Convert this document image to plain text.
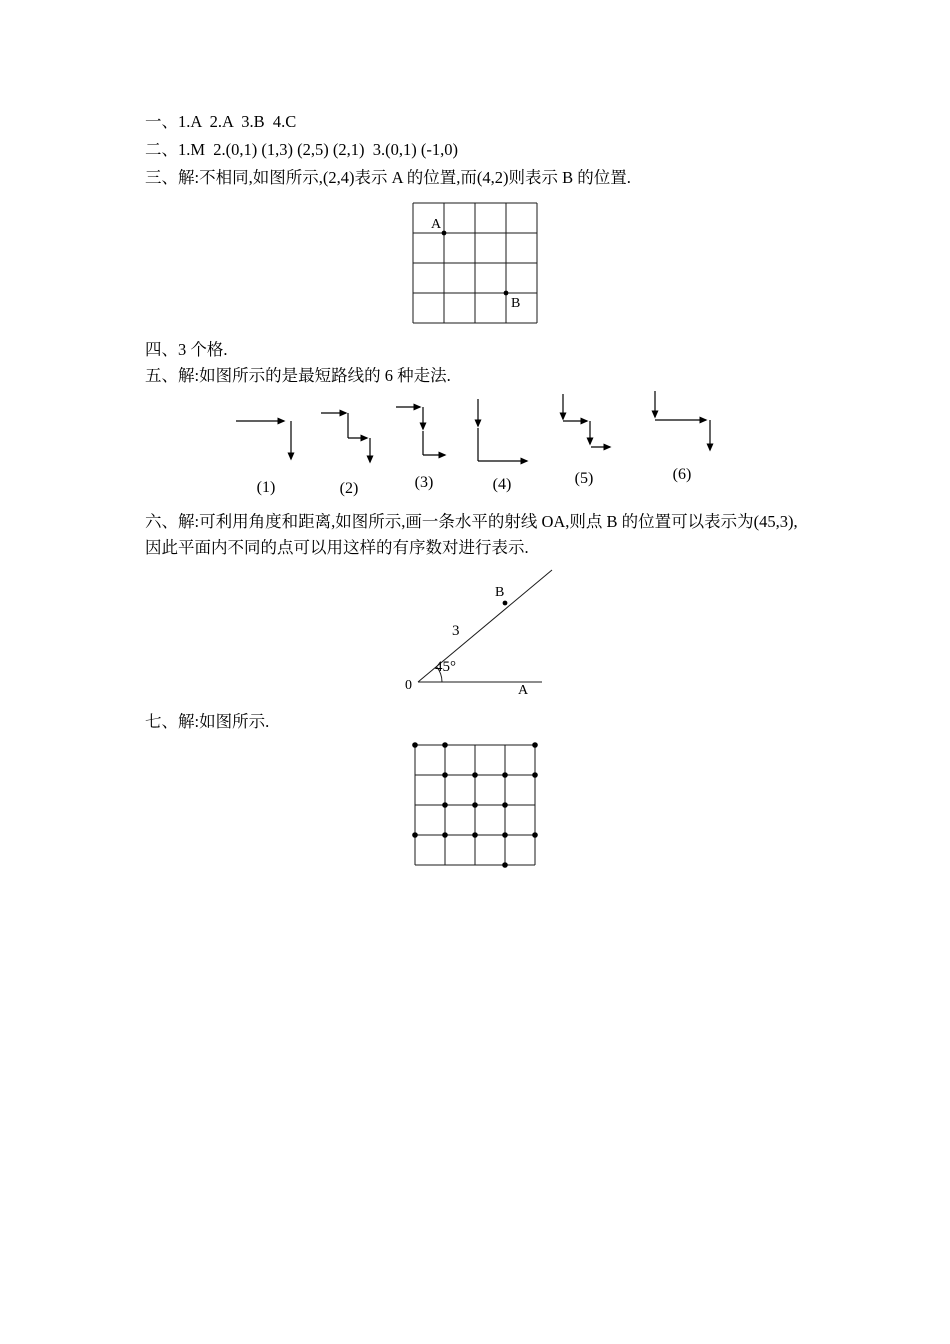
一、1.A  2.A  3.B  4.C
二、1.M  2.(0,1) (1,3) (2,5) (2,1)  3.(0,1) (-1,0)
三、解:不相同,如图所示,(2,4)表示 A 的位置,而(4,2)则表示 B 的位置.
A
B
四、3 个格.
五、解:如图所示的是最短路线的 6 种走法.
(1)	(2)	(3)	(4)	(5)	(6)
六、解:可利用角度和距离,如图所示,画一条水平的射线 OA,则点 B 的位置可以表示为(45,3),
因此平面内不同的点可以用这样的有序数对进行表示.
B
3
45°
0	A
七、解:如图所示.
